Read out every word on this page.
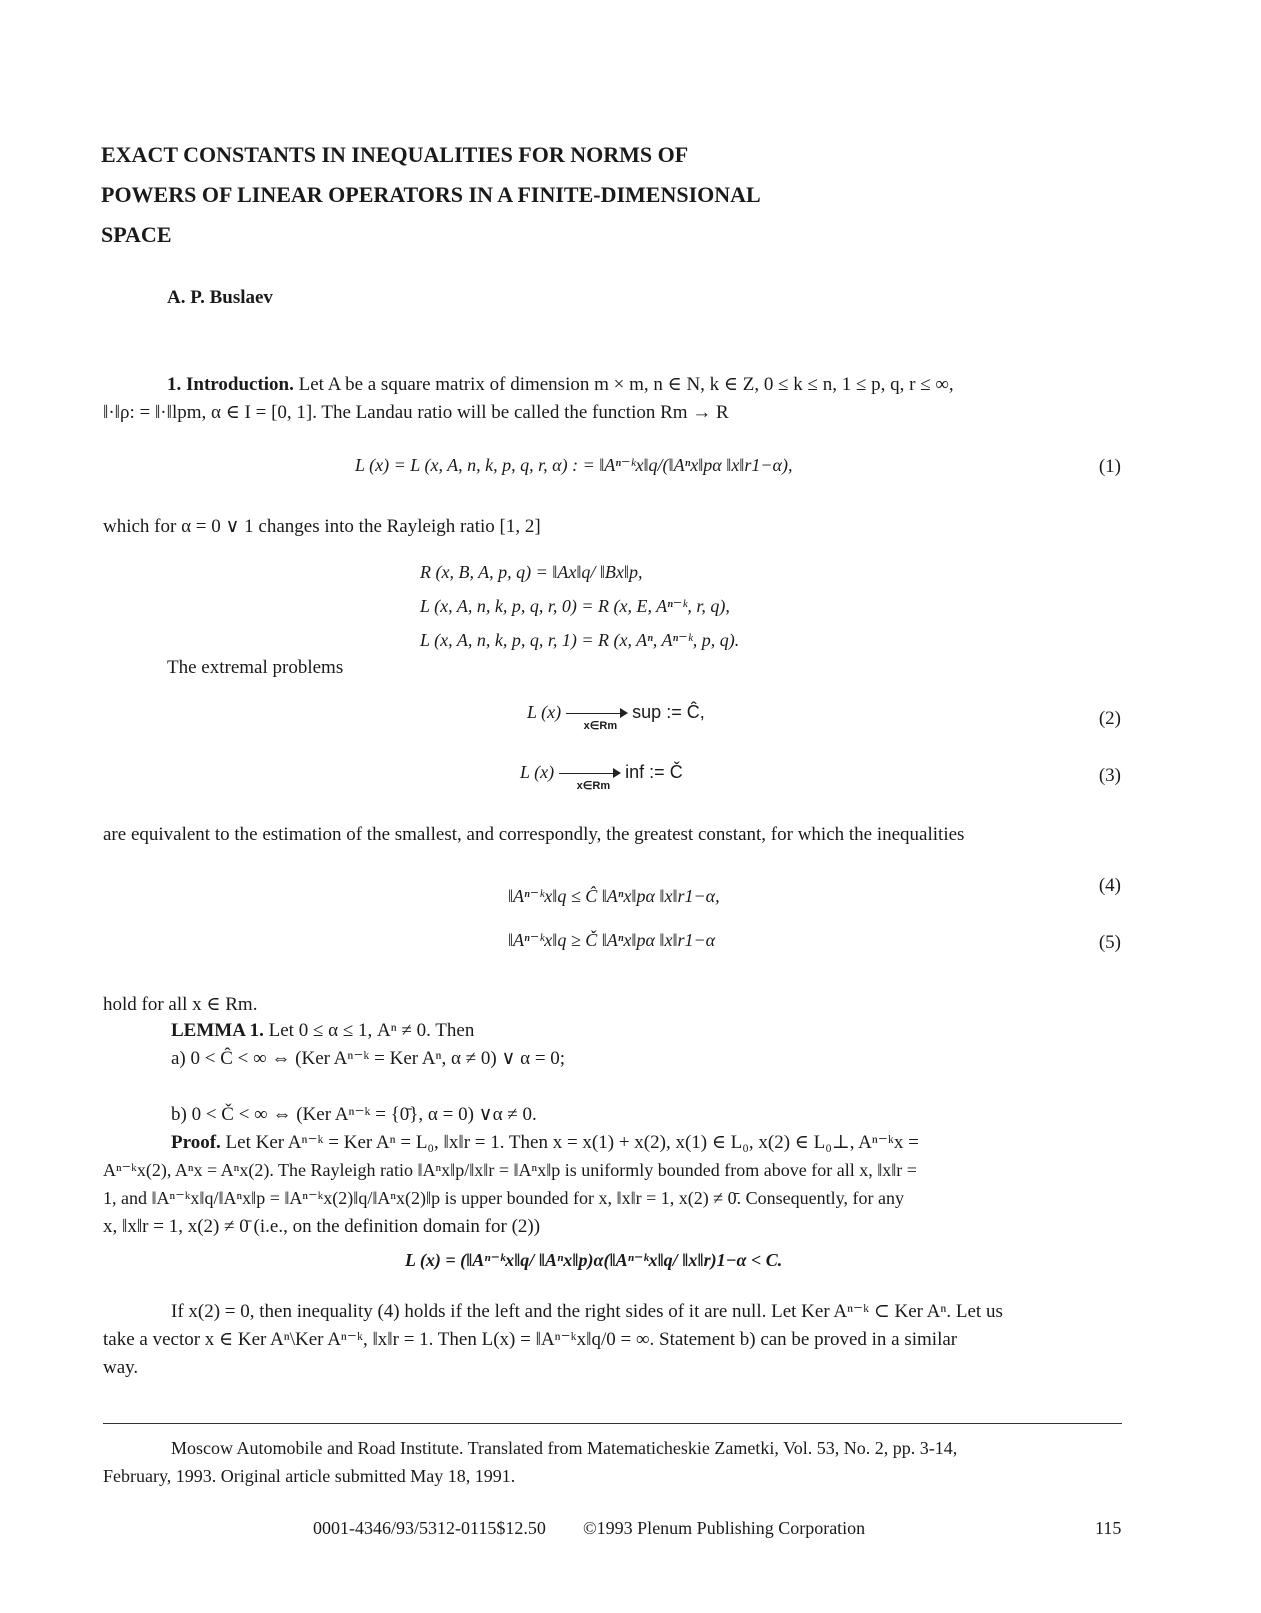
EXACT CONSTANTS IN INEQUALITIES FOR NORMS OF
POWERS OF LINEAR OPERATORS IN A FINITE-DIMENSIONAL
SPACE
A. P. Buslaev
1. Introduction. Let A be a square matrix of dimension m × m, n ∈ N, k ∈ Z, 0 ≤ k ≤ n, 1 ≤ p, q, r ≤ ∞,
‖·‖ρ: = ‖·‖lpm, α ∈ I = [0, 1]. The Landau ratio will be called the function Rm → R
L (x) = L (x, A, n, k, p, q, r, α) : = ‖Aⁿ⁻ᵏx‖q/(‖Aⁿx‖pα ‖x‖r1−α),	(1)
which for α = 0 ∨ 1 changes into the Rayleigh ratio [1, 2]
R (x, B, A, p, q) = ‖Ax‖q/ ‖Bx‖p,
L (x, A, n, k, p, q, r, 0) = R (x, E, Aⁿ⁻ᵏ, r, q),
L (x, A, n, k, p, q, r, 1) = R (x, Aⁿ, Aⁿ⁻ᵏ, p, q).
The extremal problems
L (x)
x∈Rm
sup := Ĉ,	(2)
L (x)
x∈Rm
inf := Č	(3)
are equivalent to the estimation of the smallest, and correspondly, the greatest constant, for which the inequalities
‖Aⁿ⁻ᵏx‖q ≤ Ĉ ‖Aⁿx‖pα ‖x‖r1−α,	(4)
‖Aⁿ⁻ᵏx‖q ≥ Č ‖Aⁿx‖pα ‖x‖r1−α	(5)
hold for all x ∈ Rm.
LEMMA 1. Let 0 ≤ α ≤ 1, Aⁿ ≠ 0. Then
a) 0 < Ĉ < ∞ ⇔ (Ker Aⁿ⁻ᵏ = Ker Aⁿ, α ≠ 0) ∨ α = 0;
b) 0 < Č < ∞ ⇔ (Ker Aⁿ⁻ᵏ = {0̄}, α = 0) ∨α ≠ 0.
Proof. Let Ker Aⁿ⁻ᵏ = Ker Aⁿ = L₀, ‖x‖r = 1. Then x = x(1) + x(2), x(1) ∈ L₀, x(2) ∈ L₀⊥, Aⁿ⁻ᵏx =
Aⁿ⁻ᵏx(2), Aⁿx = Aⁿx(2). The Rayleigh ratio ‖Aⁿx‖p/‖x‖r = ‖Aⁿx‖p is uniformly bounded from above for all x, ‖x‖r =
1, and ‖Aⁿ⁻ᵏx‖q/‖Aⁿx‖p = ‖Aⁿ⁻ᵏx(2)‖q/‖Aⁿx(2)‖p is upper bounded for x, ‖x‖r = 1, x(2) ≠ 0̄. Consequently, for any
x, ‖x‖r = 1, x(2) ≠ 0̄ (i.e., on the definition domain for (2))
L (x) = (‖Aⁿ⁻ᵏx‖q/ ‖Aⁿx‖p)α(‖Aⁿ⁻ᵏx‖q/ ‖x‖r)1−α < C.
If x(2) = 0, then inequality (4) holds if the left and the right sides of it are null. Let Ker Aⁿ⁻ᵏ ⊂ Ker Aⁿ. Let us
take a vector x ∈ Ker Aⁿ\Ker Aⁿ⁻ᵏ, ‖x‖r = 1. Then L(x) = ‖Aⁿ⁻ᵏx‖q/0 = ∞. Statement b) can be proved in a similar
way.
Moscow Automobile and Road Institute. Translated from Matematicheskie Zametki, Vol. 53, No. 2, pp. 3-14,
February, 1993. Original article submitted May 18, 1991.
0001-4346/93/5312-0115$12.50 ©1993 Plenum Publishing Corporation	115
